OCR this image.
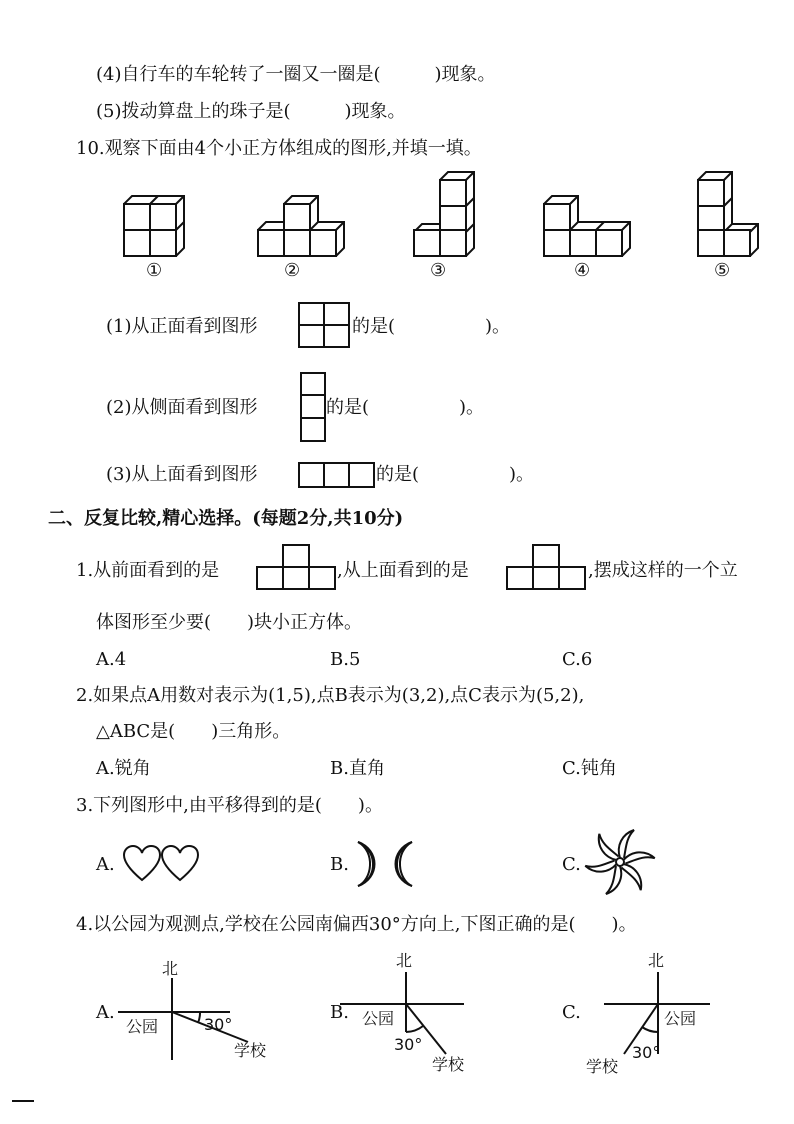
(4)自行车的车轮转了一圈又一圈是(　　　)现象。
(5)拨动算盘上的珠子是(　　　)现象。
10.观察下面由4个小正方体组成的图形,并填一填。
①	②	③	④	⑤
(1)从正面看到图形	的是(　　　　　)。
(2)从侧面看到图形	的是(　　　　　)。
(3)从上面看到图形	的是(　　　　　)。
二、反复比较,精心选择。(每题2分,共10分)
1.从前面看到的是	,从上面看到的是	,摆成这样的一个立
体图形至少要(　　)块小正方体。
A.4	B.5	C.6
2.如果点A用数对表示为(1,5),点B表示为(3,2),点C表示为(5,2),
△ABC是(　　)三角形。
A.锐角	B.直角	C.钝角
3.下列图形中,由平移得到的是(　　)。
A.	B.	C.
4.以公园为观测点,学校在公园南偏西30°方向上,下图正确的是(　　)。
A.
北
公园	30°
学校
B.
北
公园
30°
学校
C.
北
公园
30°
学校
